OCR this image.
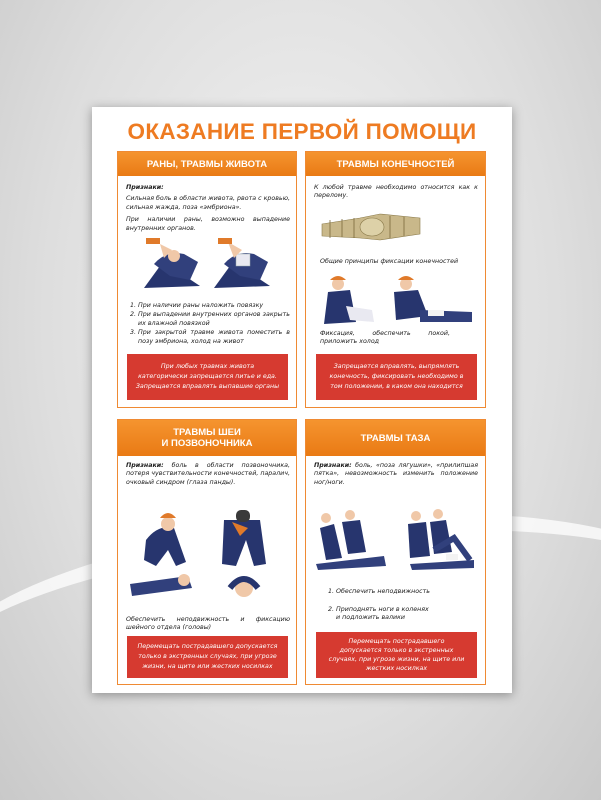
ОКАЗАНИЕ ПЕРВОЙ ПОМОЩИ
РАНЫ, ТРАВМЫ ЖИВОТА
Признаки:
Сильная боль в области живота, рвота с кровью, сильная жажда, поза «эмбриона».
При наличии раны, возможно выпадение внутренних органов.
1. При наличии раны наложить повязку
2. При выпадении внутренних органов закрыть их влажной повязкой
3. При закрытой травме живота поместить в позу эмбриона, холод на живот
При любых травмах живота
категорически запрещается питье и еда.
Запрещается вправлять выпавшие органы
ТРАВМЫ КОНЕЧНОСТЕЙ
К любой травме необходимо относится как к перелому.
Общие принципы фиксации конечностей
Фиксация, обеспечить покой, приложить холод
Запрещается вправлять, выпрямлять
конечность, фиксировать необходимо в
том положении, в каком она находится
ТРАВМЫ ШЕИ
И ПОЗВОНОЧНИКА
Признаки: боль в области позвоночника, потеря чувствительности конечностей, паралич, очковый синдром (глаза панды).
Обеспечить неподвижность и фиксацию шейного отдела (головы)
Перемещать пострадавшего допускается
только в экстренных случаях, при угрозе
жизни, на щите или жестких носилках
ТРАВМЫ ТАЗА
Признаки: боль, «поза лягушки», «прилипшая пятка», невозможность изменить положение ног/ноги.
1. Обеспечить неподвижность
2. Приподнять ноги в коленях
и подложить валики
Перемещать пострадавшего
допускается только в экстренных
случаях, при угрозе жизни, на щите или
жестких носилках
